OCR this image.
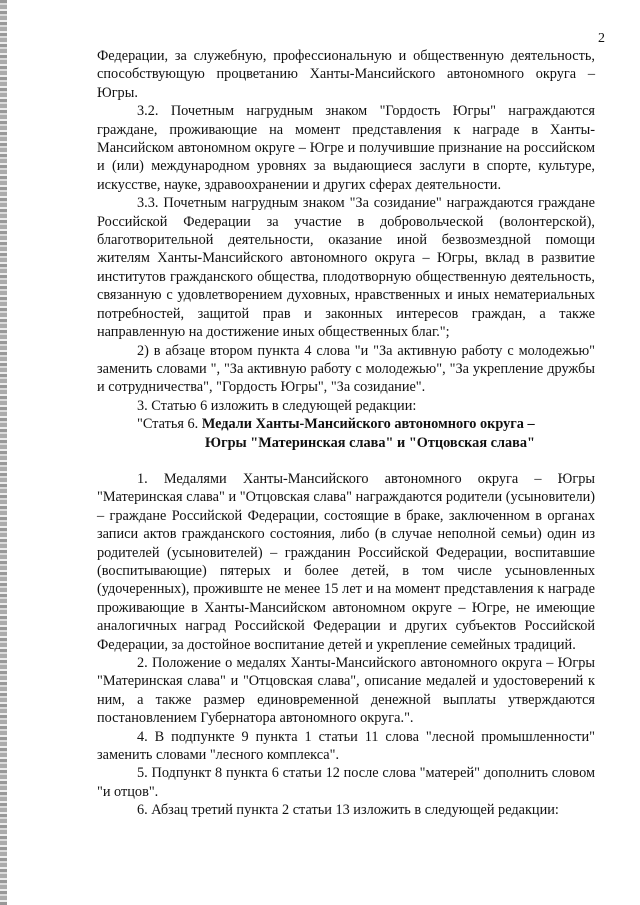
2

Федерации, за служебную, профессиональную и общественную деятельность, способствующую процветанию Ханты-Мансийского автономного округа – Югры.

3.2. Почетным нагрудным знаком "Гордость Югры" награждаются граждане, проживающие на момент представления к награде в Ханты-Мансийском автономном округе – Югре и получившие признание на российском и (или) международном уровнях за выдающиеся заслуги в спорте, культуре, искусстве, науке, здравоохранении и других сферах деятельности.

3.3. Почетным нагрудным знаком "За созидание" награждаются граждане Российской Федерации за участие в добровольческой (волонтерской), благотворительной деятельности, оказание иной безвозмездной помощи жителям Ханты-Мансийского автономного округа – Югры, вклад в развитие институтов гражданского общества, плодотворную общественную деятельность, связанную с удовлетворением духовных, нравственных и иных нематериальных потребностей, защитой прав и законных интересов граждан, а также направленную на достижение иных общественных благ.";

2) в абзаце втором пункта 4 слова "и "За активную работу с молодежью" заменить словами ", "За активную работу с молодежью", "За укрепление дружбы и сотрудничества", "Гордость Югры", "За созидание".

3. Статью 6 изложить в следующей редакции:

"Статья 6. Медали Ханты-Мансийского автономного округа –
Югры "Материнская слава" и "Отцовская слава"

1. Медалями Ханты-Мансийского автономного округа – Югры "Материнская слава" и "Отцовская слава" награждаются родители (усыновители) – граждане Российской Федерации, состоящие в браке, заключенном в органах записи актов гражданского состояния, либо (в случае неполной семьи) один из родителей (усыновителей) – гражданин Российской Федерации, воспитавшие (воспитывающие) пятерых и более детей, в том числе усыновленных (удочеренных), проживште не менее 15 лет и на момент представления к награде проживающие в Ханты-Мансийском автономном округе – Югре, не имеющие аналогичных наград Российской Федерации и других субъектов Российской Федерации, за достойное воспитание детей и укрепление семейных традиций.

2. Положение о медалях Ханты-Мансийского автономного округа – Югры "Материнская слава" и "Отцовская слава", описание медалей и удостоверений к ним, а также размер единовременной денежной выплаты утверждаются постановлением Губернатора автономного округа.".

4. В подпункте 9 пункта 1 статьи 11 слова "лесной промышленности" заменить словами "лесного комплекса".

5. Подпункт 8 пункта 6 статьи 12 после слова "матерей" дополнить словом "и отцов".

6. Абзац третий пункта 2 статьи 13 изложить в следующей редакции:
